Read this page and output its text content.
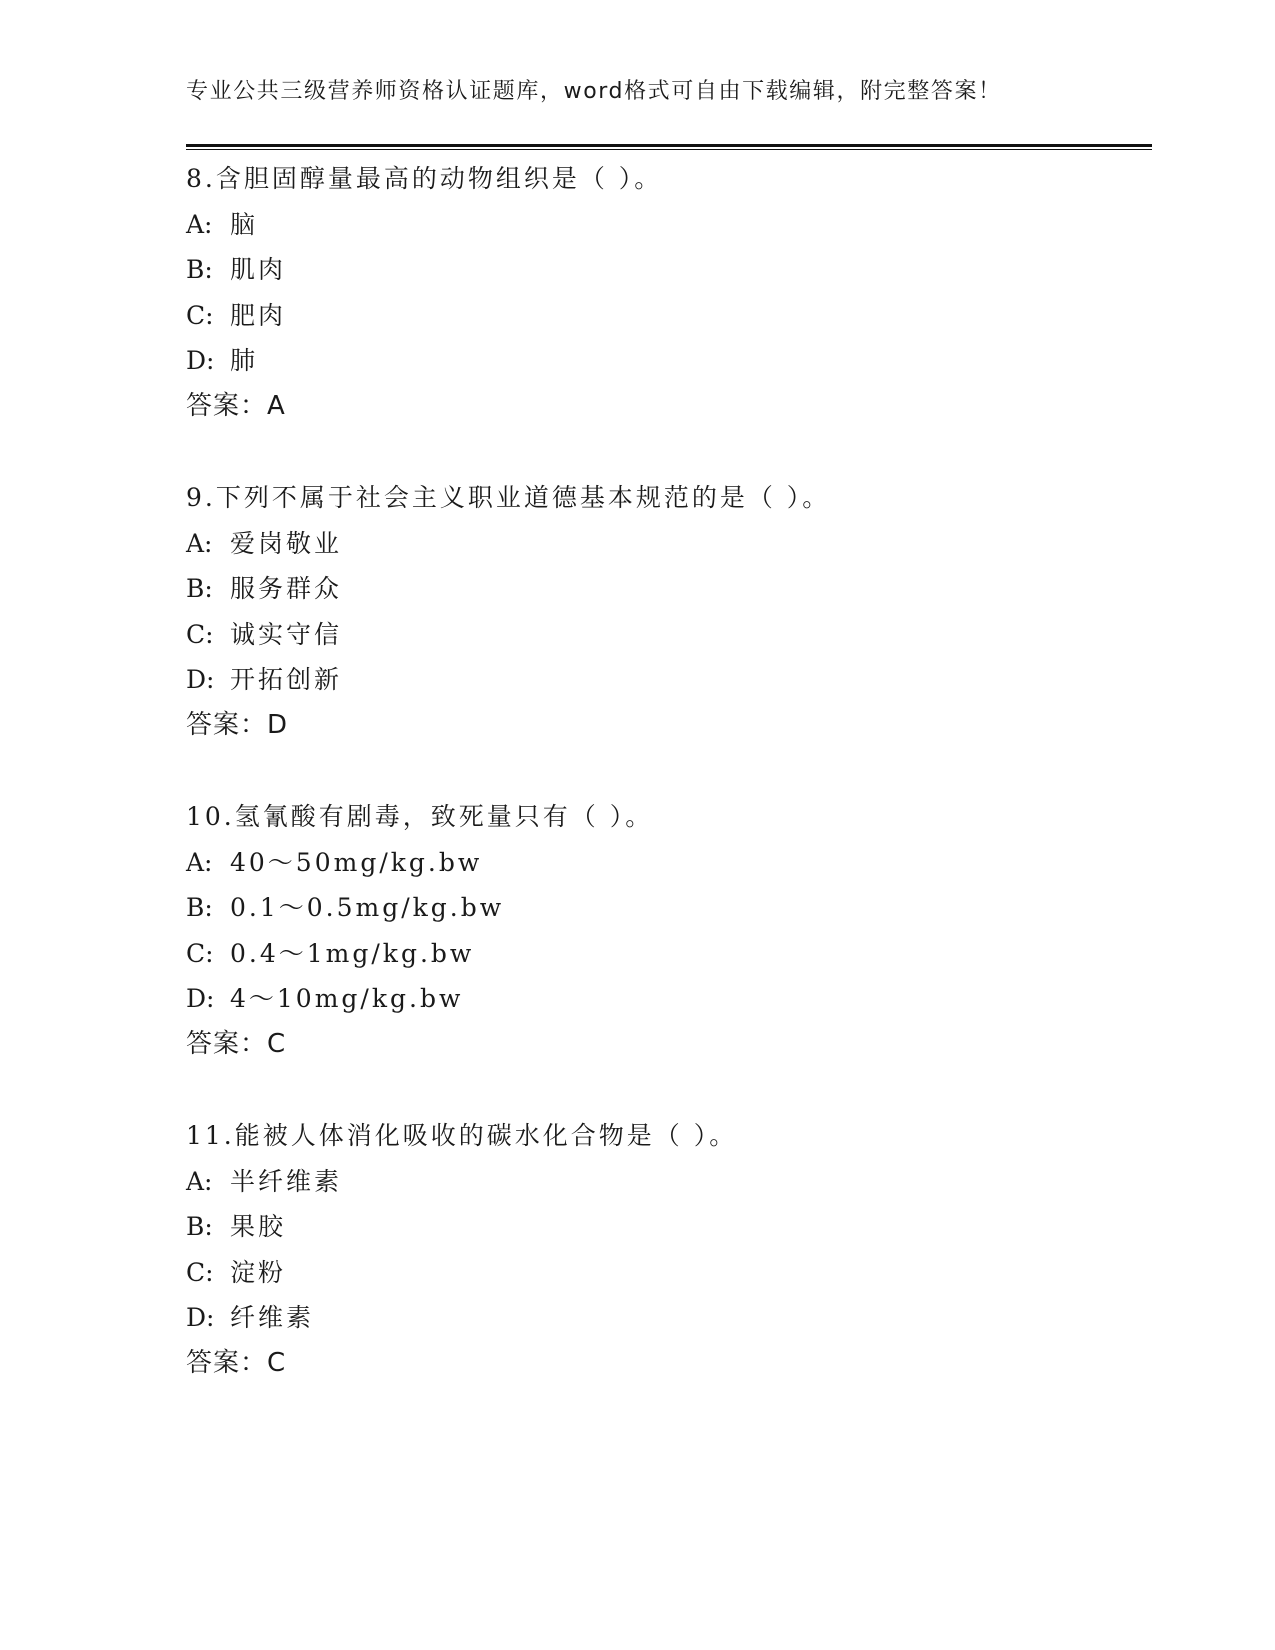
专业公共三级营养师资格认证题库，word格式可自由下载编辑，附完整答案！
8.含胆固醇量最高的动物组织是（ ）。
A: 脑
B: 肌肉
C: 肥肉
D: 肺
答案：A
9.下列不属于社会主义职业道德基本规范的是（ ）。
A: 爱岗敬业
B: 服务群众
C: 诚实守信
D: 开拓创新
答案：D
10.氢氰酸有剧毒，致死量只有（ ）。
A: 40～50mg/kg.bw
B: 0.1～0.5mg/kg.bw
C: 0.4～1mg/kg.bw
D: 4～10mg/kg.bw
答案：C
11.能被人体消化吸收的碳水化合物是（ ）。
A: 半纤维素
B: 果胶
C: 淀粉
D: 纤维素
答案：C
